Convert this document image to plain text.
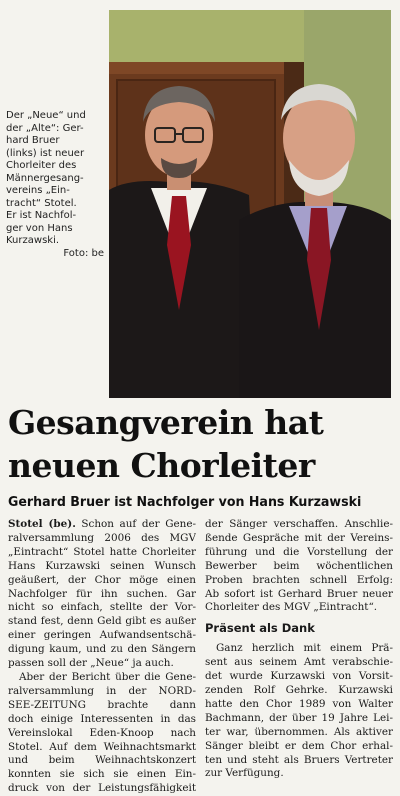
Der „Neue“ und
der „Alte“: Ger-
hard Bruer
(links) ist neuer
Chorleiter des
Männergesang-
vereins „Ein-
tracht“ Stotel.
Er ist Nachfol-
ger von Hans
Kurzawski.
Foto: be
Gesangverein hat
neuen Chorleiter
Gerhard Bruer ist Nachfolger von Hans Kurzawski
Stotel (be). Schon auf der Gene-
ralversammlung 2006 des MGV
„Eintracht“ Stotel hatte Chorleiter
Hans Kurzawski seinen Wunsch
geäußert, der Chor möge einen
Nachfolger für ihn suchen. Gar
nicht so einfach, stellte der Vor-
stand fest, denn Geld gibt es außer
einer geringen Aufwandsentschä-
digung kaum, und zu den Sängern
passen soll der „Neue“ ja auch.
Aber der Bericht über die Gene-
ralversammlung in der NORD-
SEE-ZEITUNG brachte dann
doch einige Interessenten in das
Vereinslokal Eden-Knoop nach
Stotel. Auf dem Weihnachtsmarkt
und beim Weihnachtskonzert
konnten sie sich sie einen Ein-
druck von der Leistungsfähigkeit
der Sänger verschaffen. Anschlie-
ßende Gespräche mit der Vereins-
führung und die Vorstellung der
Bewerber beim wöchentlichen
Proben brachten schnell Erfolg:
Ab sofort ist Gerhard Bruer neuer
Chorleiter des MGV „Eintracht“.
Präsent als Dank
Ganz herzlich mit einem Prä-
sent aus seinem Amt verabschie-
det wurde Kurzawski von Vorsit-
zenden Rolf Gehrke. Kurzawski
hatte den Chor 1989 von Walter
Bachmann, der über 19 Jahre Lei-
ter war, übernommen. Als aktiver
Sänger bleibt er dem Chor erhal-
ten und steht als Bruers Vertreter
zur Verfügung.
